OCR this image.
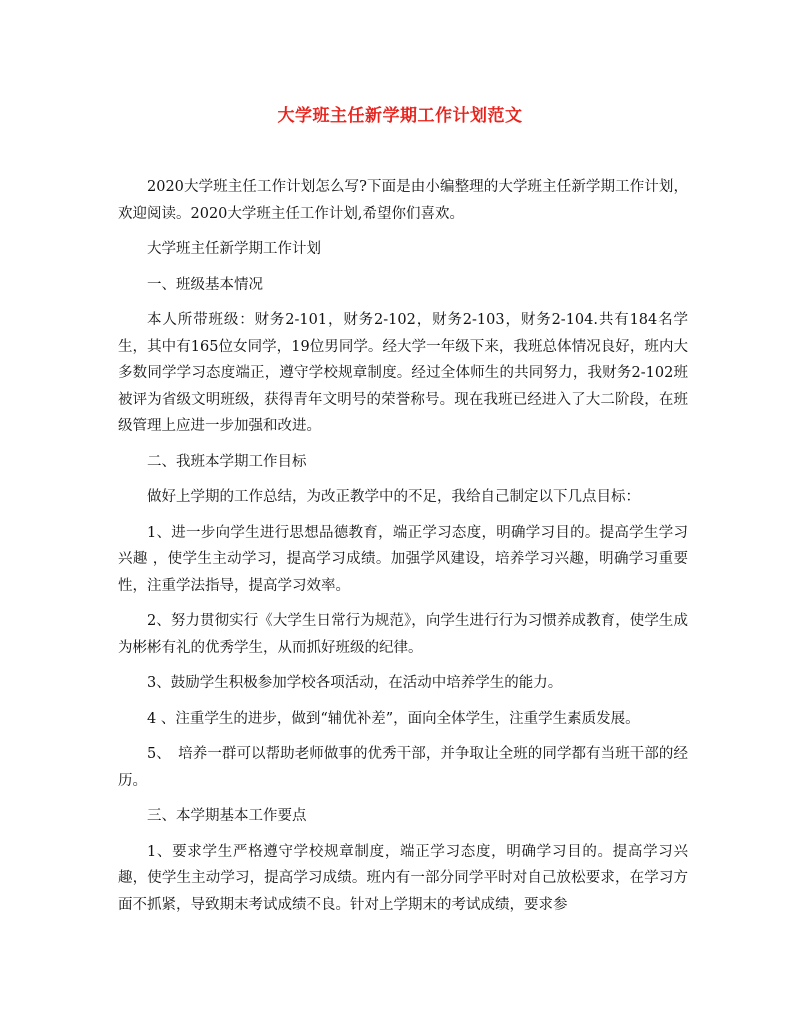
大学班主任新学期工作计划范文

2020大学班主任工作计划怎么写?下面是由小编整理的大学班主任新学期工作计划，欢迎阅读。2020大学班主任工作计划,希望你们喜欢。

大学班主任新学期工作计划

一、班级基本情况

本人所带班级：财务2-101，财务2-102，财务2-103，财务2-104.共有184名学生，其中有165位女同学，19位男同学。经大学一年级下来，我班总体情况良好，班内大多数同学学习态度端正，遵守学校规章制度。经过全体师生的共同努力，我财务2-102班被评为省级文明班级，获得青年文明号的荣誉称号。现在我班已经进入了大二阶段，在班级管理上应进一步加强和改进。

二、我班本学期工作目标

做好上学期的工作总结，为改正教学中的不足，我给自己制定以下几点目标：

1、进一步向学生进行思想品德教育，端正学习态度，明确学习目的。提高学生学习兴趣 ，使学生主动学习，提高学习成绩。加强学风建设，培养学习兴趣，明确学习重要性，注重学法指导，提高学习效率。

2、努力贯彻实行《大学生日常行为规范》，向学生进行行为习惯养成教育，使学生成为彬彬有礼的优秀学生，从而抓好班级的纪律。

3、鼓励学生积极参加学校各项活动，在活动中培养学生的能力。

4 、注重学生的进步，做到“辅优补差”，面向全体学生，注重学生素质发展。

5、　培养一群可以帮助老师做事的优秀干部，并争取让全班的同学都有当班干部的经历。

三、本学期基本工作要点

1、要求学生严格遵守学校规章制度，端正学习态度，明确学习目的。提高学习兴趣，使学生主动学习，提高学习成绩。班内有一部分同学平时对自己放松要求，在学习方面不抓紧，导致期末考试成绩不良。针对上学期末的考试成绩，要求参
